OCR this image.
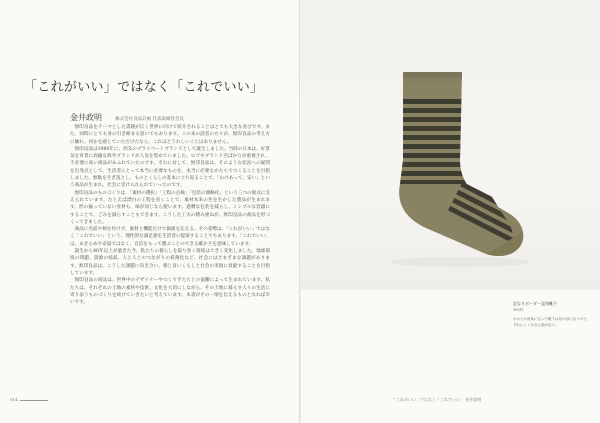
「これがいい」ではなく「これでいい」
金井政明	株式会社良品計画 代表取締役会長

無印良品をテーマとした書籍が広く世界に向けて紹介されることはとても大きな喜びです。また、同時にとても身の引き締まる思いでもあります。この本の読者の方々が、無印良品の考え方に触れ、何かを感じていただけたなら、これほどうれしいことはありません。

無印良品は1980年に、西友のプライベートブランドとして誕生しました。当時の日本は、好景気を背景に高級な海外ブランドが人気を集めていました。ロゴやブランド名ばかりが重視され、不必要に高い商品があふれていたのです。それに対して、無印良品は、そのような状況への疑問を出発点として、生活者にとって本当に必要なものを、本当に必要なかたちでつくることを目指しました。無駄をそぎ落とし、ものとくらしの基本に立ち返ることで、「わけあって、安い」という商品が生まれ、社会に受け入れられていったのです。

無印良品のものづくりは、「素材の選択」「工程の点検」「包装の簡略化」という三つの視点に支えられています。たとえば漂白の工程を省くことで、素材本来の色を生かした製品が生まれます。形の揃っていない食材も、味が同じなら使います。過剰な包装を減らし、シンプルな容器にすることで、ごみを減らすこともできます。こうした工夫の積み重ねが、無印良品の商品を形づくってきました。

商品に名前や柄を付けず、素材と機能だけで価値を伝える。その姿勢は、「これがいい」ではなく「これでいい」という、理性的な満足感を生活者に提案することでもあります。「これでいい」は、あきらめや妥協ではなく、自信をもって選ぶことのできる確かさを意味しています。

誕生から40年以上が過ぎた今、私たちの暮らしを取り巻く環境は大きく変化しました。地球環境の問題、資源の枯渇、人と人とのつながりの希薄化など、社会にはさまざまな課題があります。無印良品は、こうした課題に向き合い、感じ良いくらしと社会の実現に貢献することを目指しています。

無印良品の商品は、世界中のデザイナーやつくり手たちとの協働によって生まれています。私たちは、それぞれの土地の素材や技術、文化を大切にしながら、その土地に暮らす人々の生活に寄り添うものづくりを続けていきたいと考えています。本書がその一端を伝えるものとなれば幸いです。

014
足なりボーダー直角靴下
390円
かかとが直角になった靴下は足の形に沿うので、ずれにくくはき心地が良い。
「これがいい」ではなく「これでいい」 金井政明
